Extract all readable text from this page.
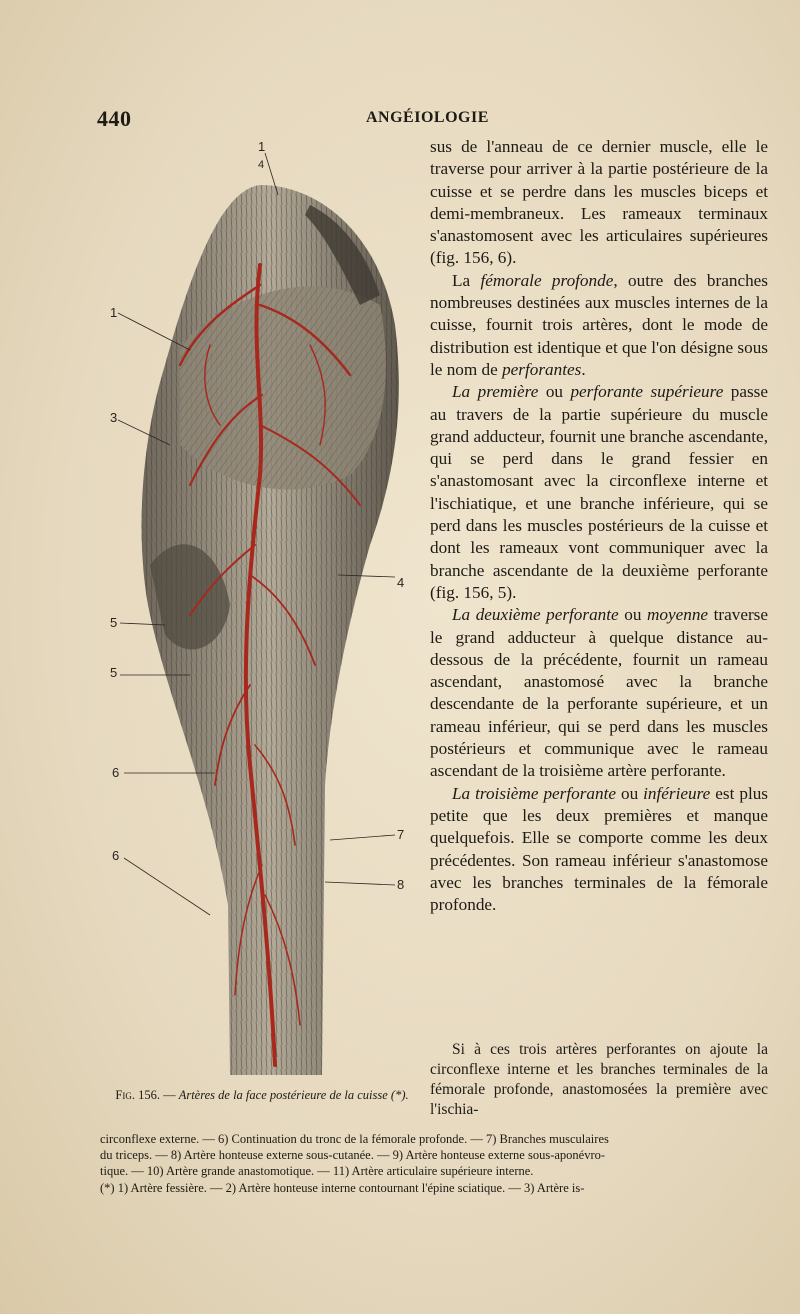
440	ANGÉIOLOGIE
1
4
1
3
5
5
6
6
4
7
8

sus de l'anneau de ce dernier muscle, elle le traverse pour arriver à la partie postérieure de la cuisse et se perdre dans les muscles biceps et demi-membraneux. Les rameaux terminaux s'anastomosent avec les articulaires supérieures (fig. 156, 6).

La fémorale profonde, outre des branches nombreuses destinées aux muscles internes de la cuisse, fournit trois artères, dont le mode de distribution est identique et que l'on désigne sous le nom de perforantes.

La première ou perforante supérieure passe au travers de la partie supérieure du muscle grand adducteur, fournit une branche ascendante, qui se perd dans le grand fessier en s'anastomosant avec la circonflexe interne et l'ischiatique, et une branche inférieure, qui se perd dans les muscles postérieurs de la cuisse et dont les rameaux vont communiquer avec la branche ascendante de la deuxième perforante (fig. 156, 5).

La deuxième perforante ou moyenne traverse le grand adducteur à quelque distance au-dessous de la précédente, fournit un rameau ascendant, anastomosé avec la branche descendante de la perforante supérieure, et un rameau inférieur, qui se perd dans les muscles postérieurs et communique avec le rameau ascendant de la troisième artère perforante.

La troisième perforante ou inférieure est plus petite que les deux premières et manque quelquefois. Elle se comporte comme les deux précédentes. Son rameau inférieur s'anastomose avec les branches terminales de la fémorale profonde.

Si à ces trois artères perforantes on ajoute la circonflexe interne et les branches terminales de la fémorale profonde, anastomosées la première avec l'ischia-
Fig. 156. — Artères de la face postérieure de la cuisse (*).
circonflexe externe. — 6) Continuation du tronc de la fémorale profonde. — 7) Branches musculaires
du triceps. — 8) Artère honteuse externe sous-cutanée. — 9) Artère honteuse externe sous-aponévro-
tique. — 10) Artère grande anastomotique. — 11) Artère articulaire supérieure interne.
(*) 1) Artère fessière. — 2) Artère honteuse interne contournant l'épine sciatique. — 3) Artère is-
